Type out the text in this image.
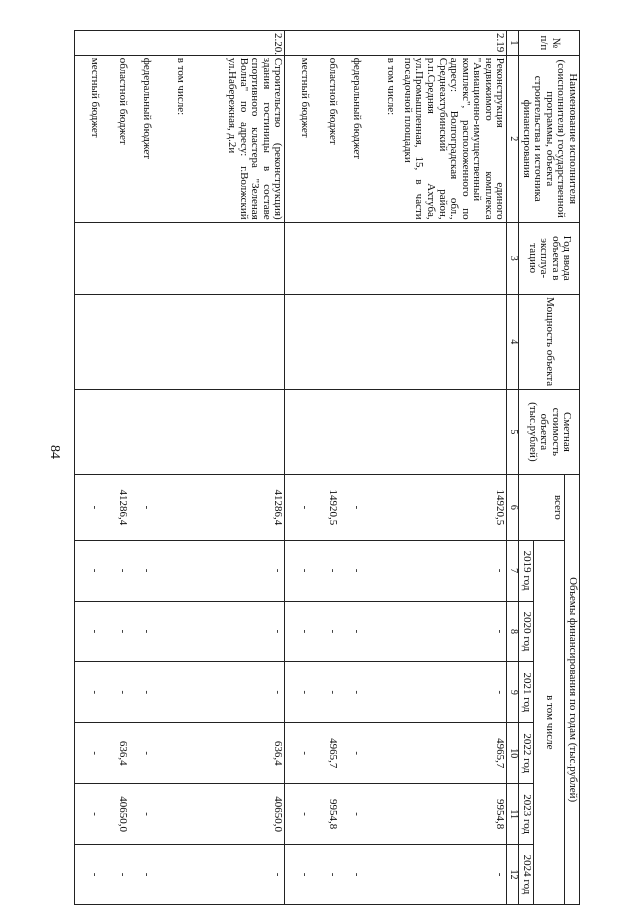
84
№ п/п	Наименование исполнителя (соисполнителя) государственной программы, объекта строительства и источника финансирования	Год ввода объекта в эксплуа-тацию	Мощность объекта	Сметная стоимость объекта (тыс.рублей)	Объемы финансирования по годам (тыс.рублей)						
					всего	в том числе					
						2019 год	2020 год	2021 год	2022 год	2023 год	2024 год
1	2	3	4	5	6	7	8	9	10	11	12
2.19	Реконструкция единого недвижимого комплекса "Авиационно-имущественный комплекс", расположенного по адресу: Волгоградская обл., Среднеахтубинский район, р.п.Средняя Ахтуба, ул.Промышленная, 15, в части посадочной площадки				14920,5	-	-	-	4965,7	9954,8	-
	в том числе:										
	федеральный бюджет				-	-	-	-	-	-	-
	областной бюджет				14920,5	-	-	-	4965,7	9954,8	-
	местный бюджет				-	-	-	-	-	-	-
2.20.	Строительство (реконструкция) здания гостиницы в составе спортивного кластера "Зеленая Волна" по адресу: г.Волжский ул.Набережная, д.2и				41286,4	-	-	-	636,4	40650,0	-
	в том числе:										
	федеральный бюджет				-	-	-	-	-	-	-
	областной бюджет				41286,4	-	-	-	636,4	40650,0	-
	местный бюджет				-	-	-	-	-	-	-
